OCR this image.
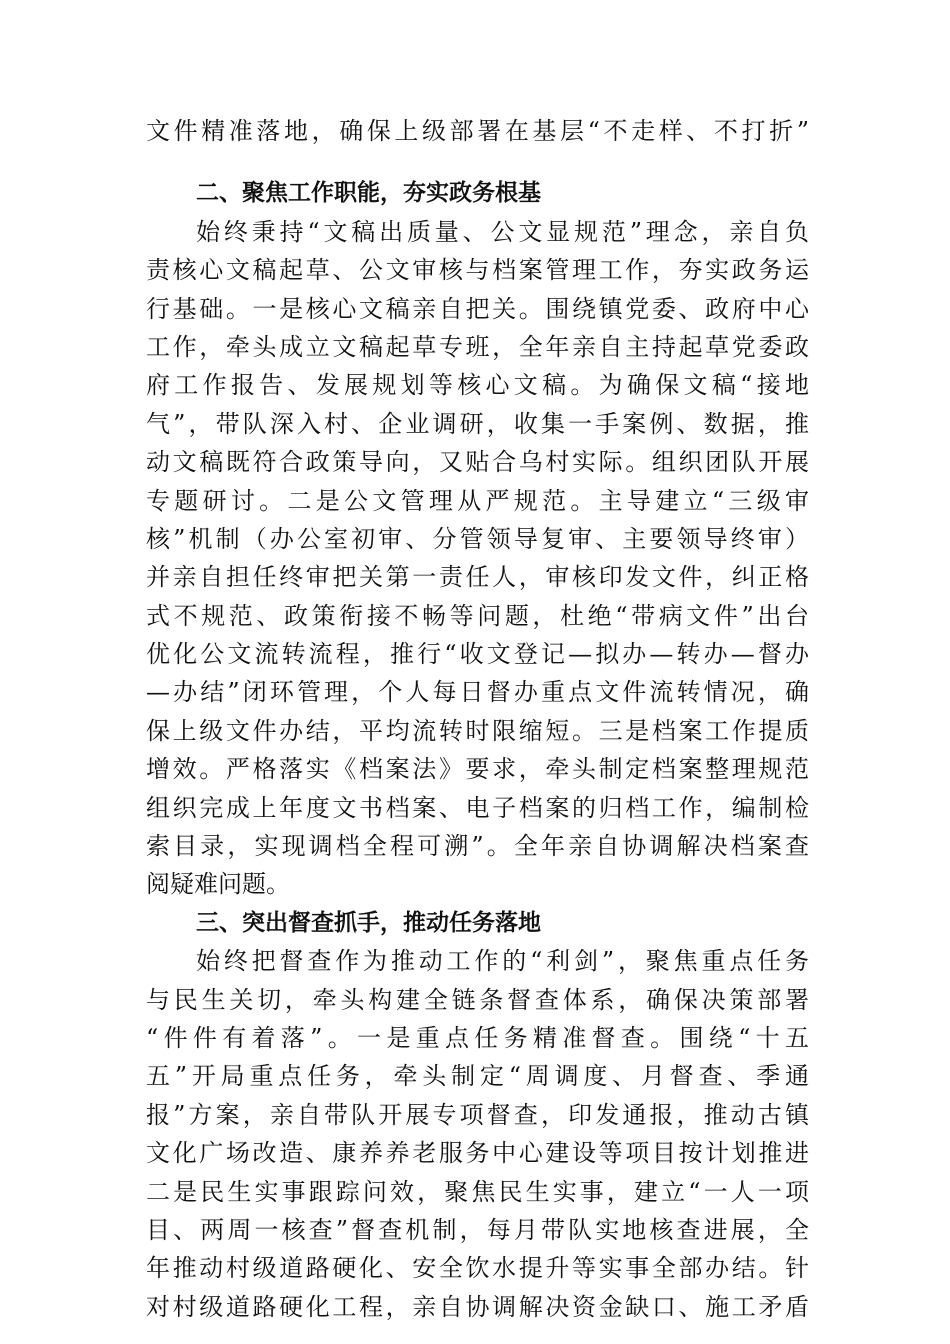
文件精准落地，确保上级部署在基层“不走样、不打折”
二、聚焦工作职能，夯实政务根基
始终秉持“文稿出质量、公文显规范”理念，亲自负
责核心文稿起草、公文审核与档案管理工作，夯实政务运
行基础。一是核心文稿亲自把关。围绕镇党委、政府中心
工作，牵头成立文稿起草专班，全年亲自主持起草党委政
府工作报告、发展规划等核心文稿。为确保文稿“接地
气”，带队深入村、企业调研，收集一手案例、数据，推
动文稿既符合政策导向，又贴合乌村实际。组织团队开展
专题研讨。二是公文管理从严规范。主导建立“三级审
核”机制（办公室初审、分管领导复审、主要领导终审）
并亲自担任终审把关第一责任人，审核印发文件，纠正格
式不规范、政策衔接不畅等问题，杜绝“带病文件”出台
优化公文流转流程，推行“收文登记—拟办—转办—督办
—办结”闭环管理，个人每日督办重点文件流转情况，确
保上级文件办结，平均流转时限缩短。三是档案工作提质
增效。严格落实《档案法》要求，牵头制定档案整理规范
组织完成上年度文书档案、电子档案的归档工作，编制检
索目录，实现调档全程可溯”。全年亲自协调解决档案查
阅疑难问题。
三、突出督查抓手，推动任务落地
始终把督查作为推动工作的“利剑”，聚焦重点任务
与民生关切，牵头构建全链条督查体系，确保决策部署
“件件有着落”。一是重点任务精准督查。围绕“十五
五”开局重点任务，牵头制定“周调度、月督查、季通
报”方案，亲自带队开展专项督查，印发通报，推动古镇
文化广场改造、康养养老服务中心建设等项目按计划推进
二是民生实事跟踪问效，聚焦民生实事，建立“一人一项
目、两周一核查”督查机制，每月带队实地核查进展，全
年推动村级道路硬化、安全饮水提升等实事全部办结。针
对村级道路硬化工程，亲自协调解决资金缺口、施工矛盾
